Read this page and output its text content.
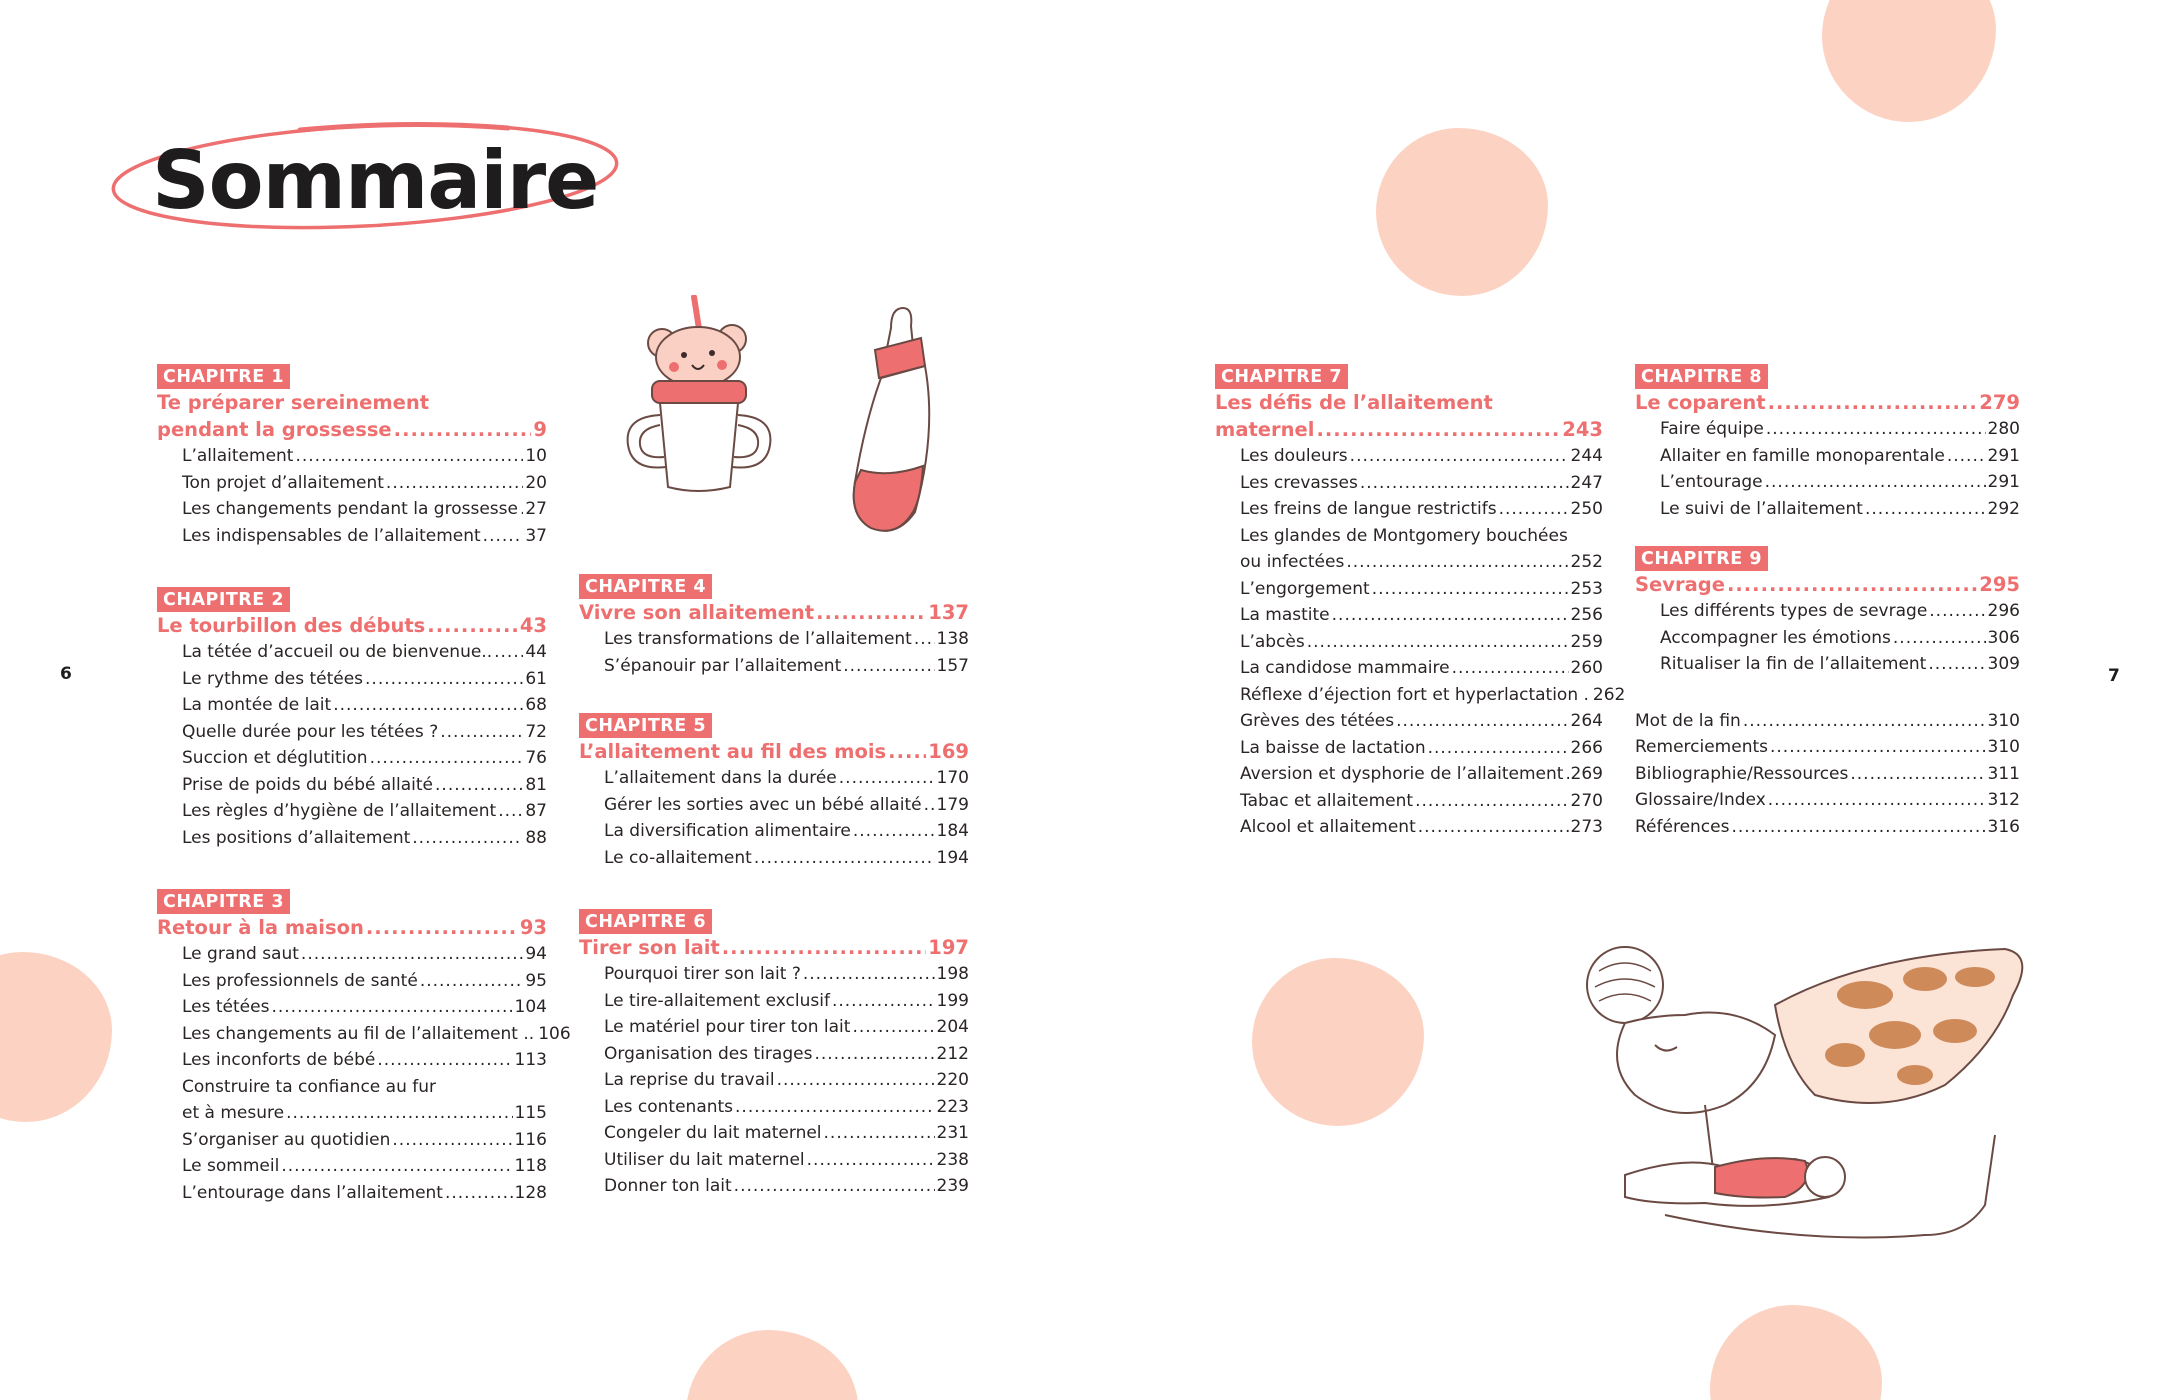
Sommaire
6	7
CHAPITRE 1
Te préparer sereinement
pendant la grossesse .....	9
L’allaitement .....	10
Ton projet d’allaitement .....	20
Les changements pendant la grossesse ..... 27
Les indispensables de l’allaitement .....	37
CHAPITRE 2
Le tourbillon des débuts .....	43
La tétée d’accueil ou de bienvenue.. ..... 44
Le rythme des tétées .....	61
La montée de lait .....	68
Quelle durée pour les tétées ? .....	72
Succion et déglutition .....	76
Prise de poids du bébé allaité .....	81
Les règles d’hygiène de l’allaitement ..... 87
Les positions d’allaitement .....	88
CHAPITRE 3
Retour à la maison .....	93
Le grand saut .....	94
Les professionnels de santé .....	95
Les tétées .....	104
Les changements au fil de l’allaitement .. 106
Les inconforts de bébé .....	113
Construire ta confiance au fur
et à mesure .....	115
S’organiser au quotidien .....	116
Le sommeil .....	118
L’entourage dans l’allaitement .....	128
CHAPITRE 4
Vivre son allaitement .....	137
Les transformations de l’allaitement ..... 138
S’épanouir par l’allaitement .....	157
CHAPITRE 5
L’allaitement au fil des mois ..... 169
L’allaitement dans la durée .....	170
Gérer les sorties avec un bébé allaité ..... 179
La diversification alimentaire .....	184
Le co-allaitement .....	194
CHAPITRE 6
Tirer son lait .....	197
Pourquoi tirer son lait ? .....	198
Le tire-allaitement exclusif .....	199
Le matériel pour tirer ton lait .....	204
Organisation des tirages .....	212
La reprise du travail .....	220
Les contenants .....	223
Congeler du lait maternel .....	231
Utiliser du lait maternel .....	238
Donner ton lait .....	239
CHAPITRE 7
Les défis de l’allaitement
maternel .....	243
Les douleurs .....	244
Les crevasses .....	247
Les freins de langue restrictifs .....	250
Les glandes de Montgomery bouchées
ou infectées .....	252
L’engorgement .....	253
La mastite .....	256
L’abcès .....	259
La candidose mammaire .....	260
Réflexe d’éjection fort et hyperlactation . 262
Grèves des tétées .....	264
La baisse de lactation .....	266
Aversion et dysphorie de l’allaitement ..... 269
Tabac et allaitement .....	270
Alcool et allaitement .....	273
CHAPITRE 8
Le coparent .....	279
Faire équipe .....	280
Allaiter en famille monoparentale .....	291
L’entourage .....	291
Le suivi de l’allaitement .....	292
CHAPITRE 9
Sevrage .....	295
Les différents types de sevrage .....	296
Accompagner les émotions .....	306
Ritualiser la fin de l’allaitement .....	309
Mot de la fin .....	310
Remerciements .....	310
Bibliographie/Ressources .....	311
Glossaire/Index .....	312
Références .....	316
